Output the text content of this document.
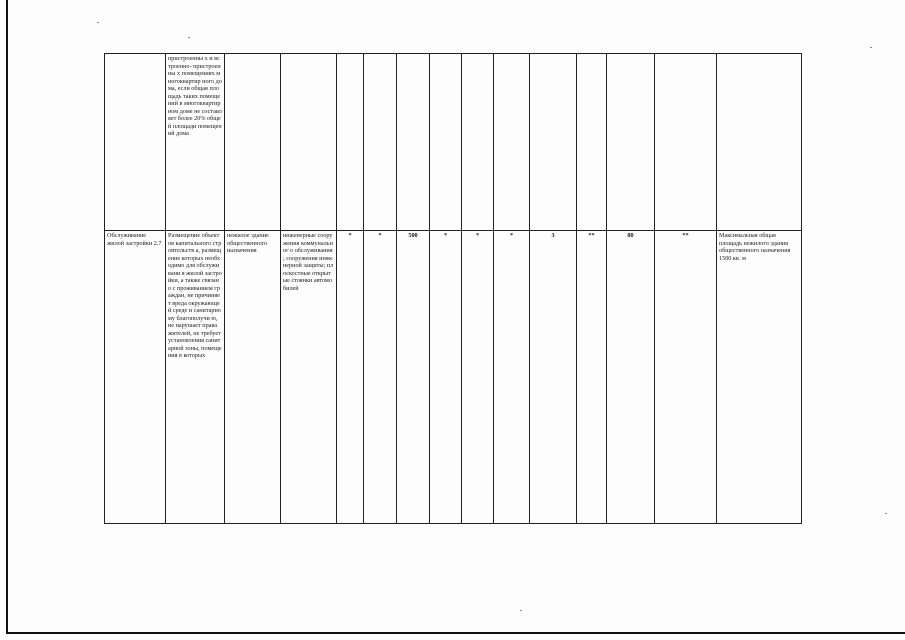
	пристроенны х и встроенно- пристроенны х помещениях многоквартир ного дома, если общая площадь таких помещений в многоквартир ном доме не составляет более 20% общей площади помещений дома													
Обслуживание жилой застройки 2.7	Размещение объектов капитального строительств а, размещение которых необходимо для обслуживани я жилой застройки, а также связано с проживанием граждан, не причиняет вреда окружающей среде и санитарному благополучи ю, не нарушает права жителей, не требует установления санитарной зоны, помещения в которых	нежилое здание общественного назначения	инженерные сооружения коммунальног о обслуживания ; сооружения инженерной защиты; плоскостные открытые стоянки автомобилей	*	*	500	*	*	*	3	**	80	**	Максимальная общая площадь нежилого здания общественного назначения 1500 кв. м
